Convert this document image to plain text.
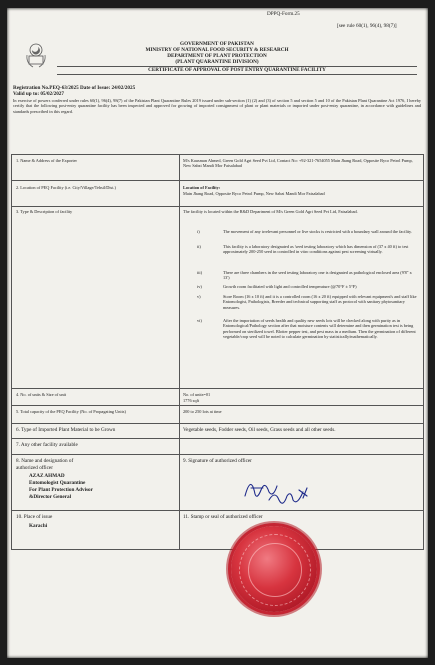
DPPQ-Form.25
[see rule 60(1), 96(4), 98(7)]
GOVERNMENT OF PAKISTAN
MINISTRY OF NATIONAL FOOD SECURITY & RESEARCH
DEPARTMENT OF PLANT PROTECTION
(PLANT QUARANTINE DIVISION)
CERTIFICATE OF APPROVAL OF POST ENTRY QUARANTINE FACILITY
Registration No.PEQ-63/2025 Date of Issue: 24/02/2025
Valid up to: 05/02/2027
In exercise of powers conferred under rules 60(1), 96(4), 98(7) of the Pakistan Plant Quarantine Rules 2019 issued under sub-section (1) (2) and (3) of section 5 and section 5 and 10 of the Pakistan Plant Quarantine Act 1976, I hereby certify that the following post-entry quarantine facility has been inspected and approved for growing of imported consignment of plant or plant materials or imported under post-entry quarantine, in accordance with guidelines and standards prescribed in this regard.
1. Name & Address of the Exporter	M/s Kausman Ahmed, Green Gold Agri Seed Pvt Ltd, Contact No: +92-321-7654055 Main Jhang Road, Opposite Byco Petrol Pump, New Sabzi Mandi Mor Faisalabad
2. Location of PEQ Facility (i.e. City/Village/Tehsil/Dist.)	Location of Facility:
Main Jhang Road, Opposite Byco Petrol Pump, New Sabzi Mandi Mor Faisalabad
3. Type & Description of facility	The facility is located within the R&D Department of M/s Green Gold Agri Seed Pvt Ltd, Faisalabad.
i)	The movement of any irrelevant personnel or live stocks is restricted with a boundary wall around the facility.
ii)	This facility is a laboratory designated as 'seed testing laboratory which has dimension of (37 x 40 ft) to test approximately 200-250 seed in controlled in vitro conditions against pest screening virtually.
iii)	There are three chambers in the seed testing laboratory one is designated as pathological enclosed area (9'8" x 13')
iv)	Growth room facilitated with light and controlled temperature (@70°F ± 5°F)
v)	Store Room (16 x 10 ft) and it is a controlled room (16 x 20 ft) equipped with relevant equipment's and staff like Entomologist, Pathologists, Breeder and technical supporting staff as protocol with sanitary phytosanitary measures.
vi)	After the importation of seeds health and quality new seeds lots will be checked along with purity as in Entomological/Pathology section after that moisture contents will determine and then germination test is being performed on sterilized towel. Blotter pepper test, and pest mass in a medium. Then the germination of different vegetable/crop seed will be noted to calculate germination by statistically/mathematically.
4. No. of units & Size of unit	No. of units=01
1776 sqft
5. Total capacity of the PEQ Facility (No. of Propagating Units)	200 to 250 lots at time
6. Type of Imported Plant Material to be Grown	Vegetable seeds, Fodder seeds, Oil seeds, Grass seeds and all other seeds.
7. Any other facility available
8. Name and designation of
authorized officer
AZAZ AHMAD
Entomologist Quarantine
For Plant Protection Advisor
&Director General
9. Signature of authorized officer
10. Place of issue
Karachi
11. Stamp or seal of authorized officer
